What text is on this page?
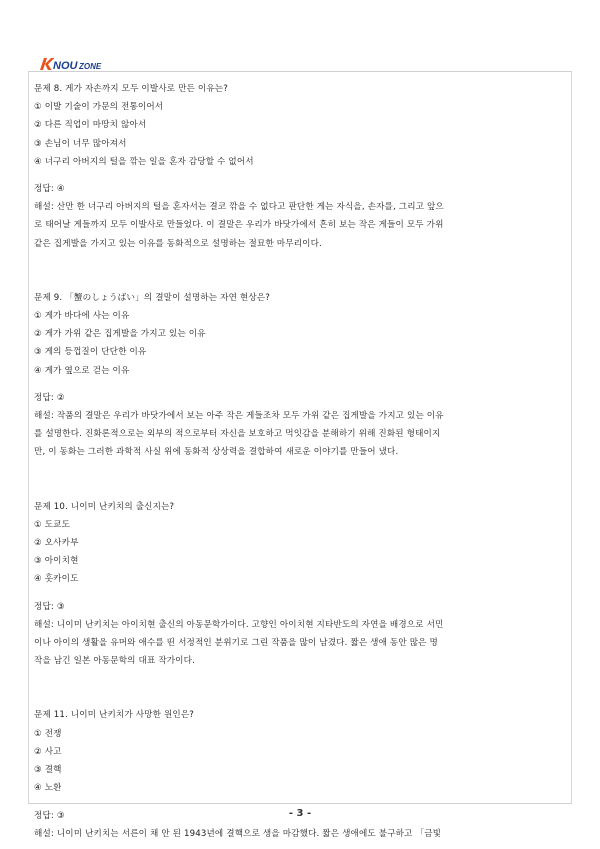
NOU ZONE
문제 8. 게가 자손까지 모두 이발사로 만든 이유는?
① 이발 기술이 가문의 전통이어서
② 다른 직업이 마땅치 않아서
③ 손님이 너무 많아져서
④ 너구리 아버지의 털을 깎는 일을 혼자 감당할 수 없어서
정답: ④
해설: 산만 한 너구리 아버지의 털을 혼자서는 결코 깎을 수 없다고 판단한 게는 자식을, 손자를, 그리고 앞으
로 태어날 게들까지 모두 이발사로 만들었다. 이 결말은 우리가 바닷가에서 흔히 보는 작은 게들이 모두 가위
같은 집게발을 가지고 있는 이유를 동화적으로 설명하는 절묘한 마무리이다.
문제 9. 「蟹のしょうばい」의 결말이 설명하는 자연 현상은?
① 게가 바다에 사는 이유
② 게가 가위 같은 집게발을 가지고 있는 이유
③ 게의 등껍질이 단단한 이유
④ 게가 옆으로 걷는 이유
정답: ②
해설: 작품의 결말은 우리가 바닷가에서 보는 아주 작은 게들조차 모두 가위 같은 집게발을 가지고 있는 이유
를 설명한다. 진화론적으로는 외부의 적으로부터 자신을 보호하고 먹잇감을 분해하기 위해 진화된 형태이지
만, 이 동화는 그러한 과학적 사실 위에 동화적 상상력을 결합하여 새로운 이야기를 만들어 냈다.
문제 10. 니이미 난키치의 출신지는?
① 도쿄도
② 오사카부
③ 아이치현
④ 홋카이도
정답: ③
해설: 니이미 난키치는 아이치현 출신의 아동문학가이다. 고향인 아이치현 지타반도의 자연을 배경으로 서민
이나 아이의 생활을 유머와 애수를 띤 서정적인 분위기로 그린 작품을 많이 남겼다. 짧은 생애 동안 많은 명
작을 남긴 일본 아동문학의 대표 작가이다.
문제 11. 니이미 난키치가 사망한 원인은?
① 전쟁
② 사고
③ 결핵
④ 노환
정답: ③
해설: 니이미 난키치는 서른이 채 안 된 1943년에 결핵으로 생을 마감했다. 짧은 생애에도 불구하고 「금빛
- 3 -
